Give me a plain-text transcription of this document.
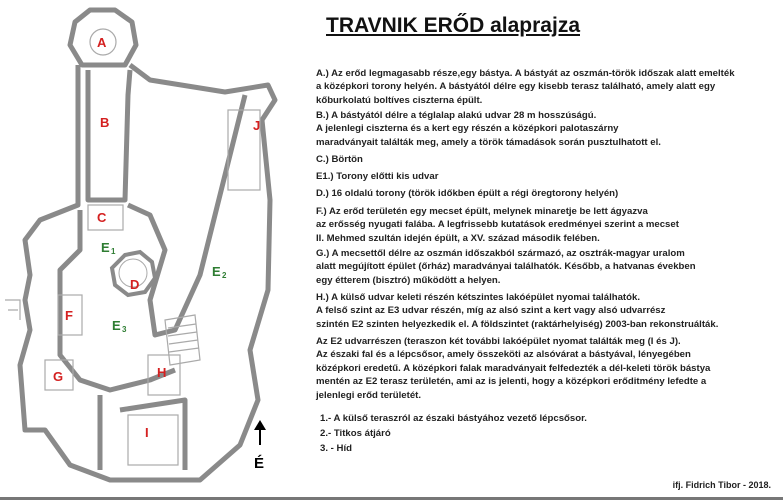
A
B
C
D
F
G	H
I
J
E 1
E 2
E 3
É
TRAVNIK ERŐD alaprajza
A.) Az erőd legmagasabb része,egy bástya. A bástyát az oszmán-török időszak alatt emelték
a középkori torony helyén. A bástyától délre egy kisebb terasz található, amely alatt egy
kőburkolatú boltíves ciszterna épült.
B.) A bástyától délre a téglalap alakú udvar 28 m hosszúságú.
A jelenlegi ciszterna és a kert egy részén a középkori palotaszárny
maradványait találták meg, amely a török támadások során pusztulhatott el.
C.) Börtön
E1.) Torony előtti kis udvar
D.) 16 oldalú torony (török időkben épült a régi öregtorony helyén)
F.) Az erőd területén egy mecset épült, melynek minaretje be lett ágyazva
az erősség nyugati falába. A legfrissebb kutatások eredményei szerint a mecset
II. Mehmed szultán idején épült, a XV. század második felében.
G.) A mecsettől délre az oszmán időszakból származó, az osztrák-magyar uralom
alatt megújított épület (őrház) maradványai találhatók. Később, a hatvanas években
egy étterem (bisztró) működött a helyen.
H.) A külső udvar keleti részén kétszintes lakóépület nyomai találhatók.
A felső szint az E3 udvar részén, míg az alsó szint a kert vagy alsó udvarrész
szintén E2 szinten helyezkedik el. A földszintet (raktárhelyiség) 2003-ban rekonstruálták.
Az E2 udvarrészen (teraszon két további lakóépület nyomat találták meg (I és J).
Az északi fal és a lépcsősor, amely összeköti az alsóvárat a bástyával, lényegében
középkori eredetű. A középkori falak maradványait felfedezték a dél-keleti török bástya
mentén az E2 terasz területén, ami az is jelenti, hogy a középkori erőditmény lefedte a
jelenlegi erőd területét.
1.- A külső teraszról az északi bástyához vezető lépcsősor.
2.- Titkos átjáró
3. - Híd
ifj. Fidrich Tibor - 2018.
